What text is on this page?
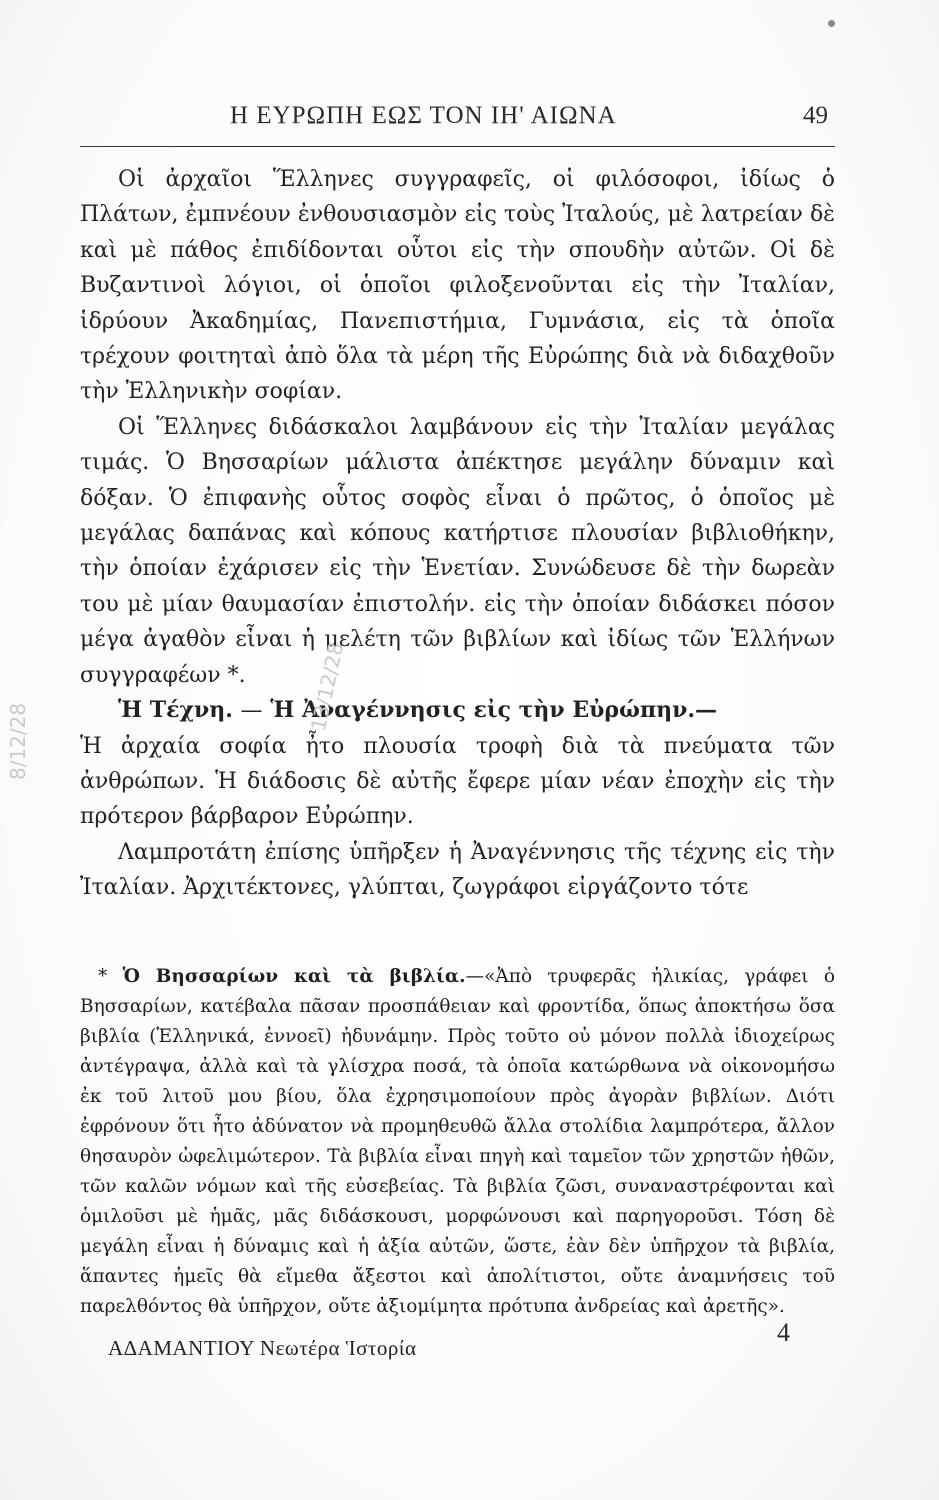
Η ΕΥΡΩΠΗ ΕΩΣ ΤΟΝ ΙΗ' ΑΙΩΝΑ	49

Οἱ ἀρχαῖοι Ἕλληνες συγγραφεῖς, οἱ φιλόσοφοι, ἰδίως ὁ Πλάτων, ἐμπνέουν ἐνθουσιασμὸν εἰς τοὺς Ἰταλούς, μὲ λατρείαν δὲ καὶ μὲ πάθος ἐπιδίδονται οὗτοι εἰς τὴν σπουδὴν αὐτῶν. Οἱ δὲ Βυζαντινοὶ λόγιοι, οἱ ὁποῖοι φιλοξενοῦνται εἰς τὴν Ἰταλίαν, ἱδρύουν Ἀκαδημίας, Πανεπιστήμια, Γυμνάσια, εἰς τὰ ὁποῖα τρέχουν φοιτηταὶ ἀπὸ ὅλα τὰ μέρη τῆς Εὐρώπης διὰ νὰ διδαχθοῦν τὴν Ἑλληνικὴν σοφίαν.

Οἱ Ἕλληνες διδάσκαλοι λαμβάνουν εἰς τὴν Ἰταλίαν μεγάλας τιμάς. Ὁ Βησσαρίων μάλιστα ἀπέκτησε μεγάλην δύναμιν καὶ δόξαν. Ὁ ἐπιφανὴς οὗτος σοφὸς εἶναι ὁ πρῶτος, ὁ ὁποῖος μὲ μεγάλας δαπάνας καὶ κόπους κατήρτισε πλουσίαν βιβλιοθήκην, τὴν ὁποίαν ἐχάρισεν εἰς τὴν Ἑνετίαν. Συνώδευσε δὲ τὴν δωρεὰν του μὲ μίαν θαυμασίαν ἐπιστολήν. εἰς τὴν ὁποίαν διδάσκει πόσον μέγα ἀγαθὸν εἶναι ἡ μελέτη τῶν βιβλίων καὶ ἰδίως τῶν Ἑλλήνων συγγραφέων *.

Ἡ Τέχνη. — Ἡ Ἀναγέννησις εἰς τὴν Εὐρώπην.—

Ἡ ἀρχαία σοφία ἦτο πλουσία τροφὴ διὰ τὰ πνεύματα τῶν ἀνθρώπων. Ἡ διάδοσις δὲ αὐτῆς ἔφερε μίαν νέαν ἐποχὴν εἰς τὴν πρότερον βάρβαρον Εὐρώπην.

Λαμπροτάτη ἐπίσης ὑπῆρξεν ἡ Ἀναγέννησις τῆς τέχνης εἰς τὴν Ἰταλίαν. Ἀρχιτέκτονες, γλύπται, ζωγράφοι εἰργάζοντο τότε

* Ὁ Βησσαρίων καὶ τὰ βιβλία.—«Ἀπὸ τρυφερᾶς ἡλικίας, γράφει ὁ Βησσαρίων, κατέβαλα πᾶσαν προσπάθειαν καὶ φροντίδα, ὅπως ἀποκτήσω ὅσα βιβλία (Ἑλληνικά, ἐννοεῖ) ἠδυνάμην. Πρὸς τοῦτο οὐ μόνον πολλὰ ἰδιοχείρως ἀντέγραψα, ἀλλὰ καὶ τὰ γλίσχρα ποσά, τὰ ὁποῖα κατώρθωνα νὰ οἰκονομήσω ἐκ τοῦ λιτοῦ μου βίου, ὅλα ἐχρησιμοποίουν πρὸς ἀγορὰν βιβλίων. Διότι ἐφρόνουν ὅτι ἦτο ἀδύνατον νὰ προμηθευθῶ ἄλλα στολίδια λαμπρότερα, ἄλλον θησαυρὸν ὠφελιμώτερον. Τὰ βιβλία εἶναι πηγὴ καὶ ταμεῖον τῶν χρηστῶν ἠθῶν, τῶν καλῶν νόμων καὶ τῆς εὐσεβείας. Τὰ βιβλία ζῶσι, συναναστρέφονται καὶ ὁμιλοῦσι μὲ ἡμᾶς, μᾶς διδάσκουσι, μορφώνουσι καὶ παρηγοροῦσι. Τόση δὲ μεγάλη εἶναι ἡ δύναμις καὶ ἡ ἀξία αὐτῶν, ὥστε, ἐὰν δὲν ὑπῆρχον τὰ βιβλία, ἅπαντες ἠμεῖς θὰ εἴμεθα ἄξεστοι καὶ ἀπολίτιστοι, οὔτε ἀναμνήσεις τοῦ παρελθόντος θὰ ὑπῆρχον, οὔτε ἀξιομίμητα πρότυπα ἀνδρείας καὶ ἀρετῆς».

4
ΑΔΑΜΑΝΤΙΟΥ Νεωτέρα Ἱστορία
8/12/28
13/12/28
